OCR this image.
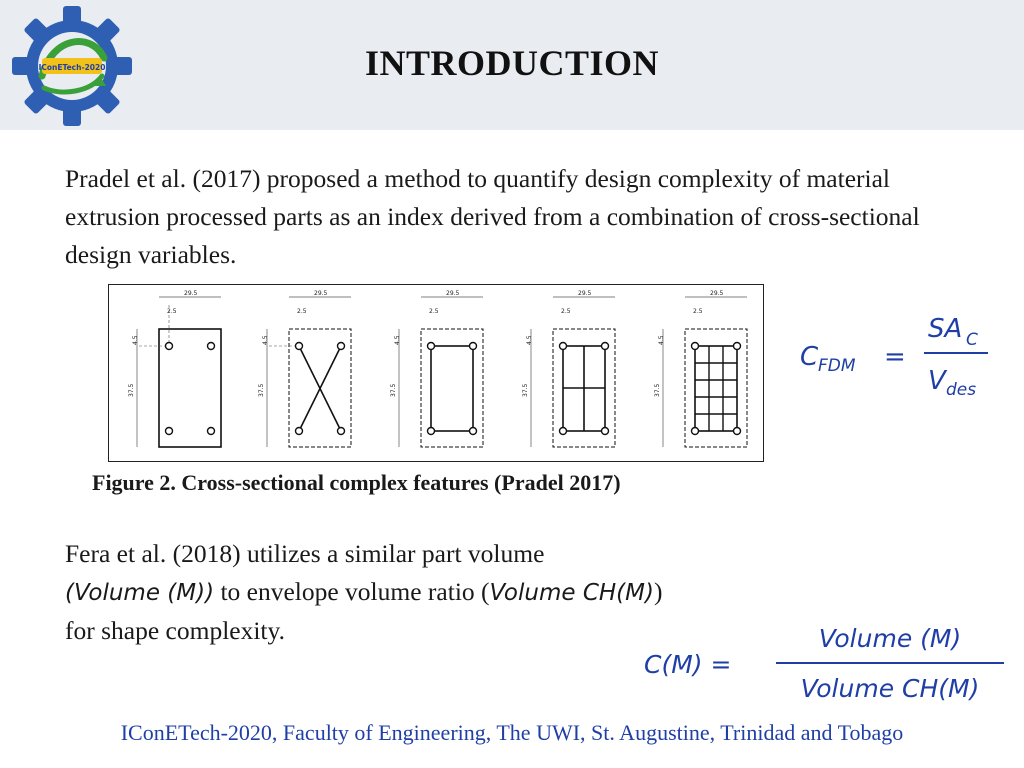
IConETech-2020	INTRODUCTION
Pradel et al. (2017) proposed a method to quantify design complexity of material extrusion processed parts as an index derived from a combination of cross-sectional design variables.
29.5
2.5
37.5
4.5
29.5
2.5
37.5
4.5
29.5
2.5
37.5
4.5
29.5
2.5
37.5
4.5
29.5
2.5
37.5
4.5
Figure 2. Cross-sectional complex features (Pradel 2017)
C FDM =
SA C
V des
Fera et al. (2018) utilizes a similar part volume
(Volume (M)) to envelope volume ratio (Volume CH(M))
for shape complexity.
C(M) =
Volume (M)
Volume CH(M)
IConETech-2020, Faculty of Engineering, The UWI, St. Augustine, Trinidad and Tobago
